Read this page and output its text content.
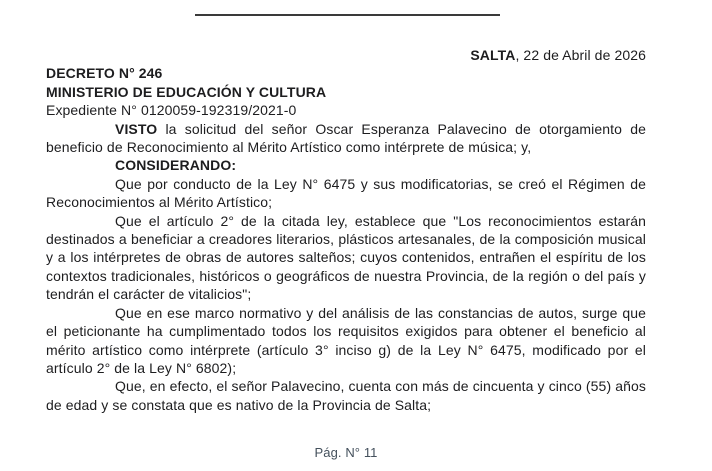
SALTA, 22 de Abril de 2026
DECRETO N° 246
MINISTERIO DE EDUCACIÓN Y CULTURA
Expediente N° 0120059-192319/2021-0

VISTO la solicitud del señor Oscar Esperanza Palavecino de otorgamiento de beneficio de Reconocimiento al Mérito Artístico como intérprete de música; y,

CONSIDERANDO:

Que por conducto de la Ley N° 6475 y sus modificatorias, se creó el Régimen de Reconocimientos al Mérito Artístico;

Que el artículo 2° de la citada ley, establece que "Los reconocimientos estarán destinados a beneficiar a creadores literarios, plásticos artesanales, de la composición musical y a los intérpretes de obras de autores salteños; cuyos contenidos, entrañen el espíritu de los contextos tradicionales, históricos o geográficos de nuestra Provincia, de la región o del país y tendrán el carácter de vitalicios";

Que en ese marco normativo y del análisis de las constancias de autos, surge que el peticionante ha cumplimentado todos los requisitos exigidos para obtener el beneficio al mérito artístico como intérprete (artículo 3° inciso g) de la Ley N° 6475, modificado por el artículo 2° de la Ley N° 6802);

Que, en efecto, el señor Palavecino, cuenta con más de cincuenta y cinco (55) años de edad y se constata que es nativo de la Provincia de Salta;

Pág. N° 11
